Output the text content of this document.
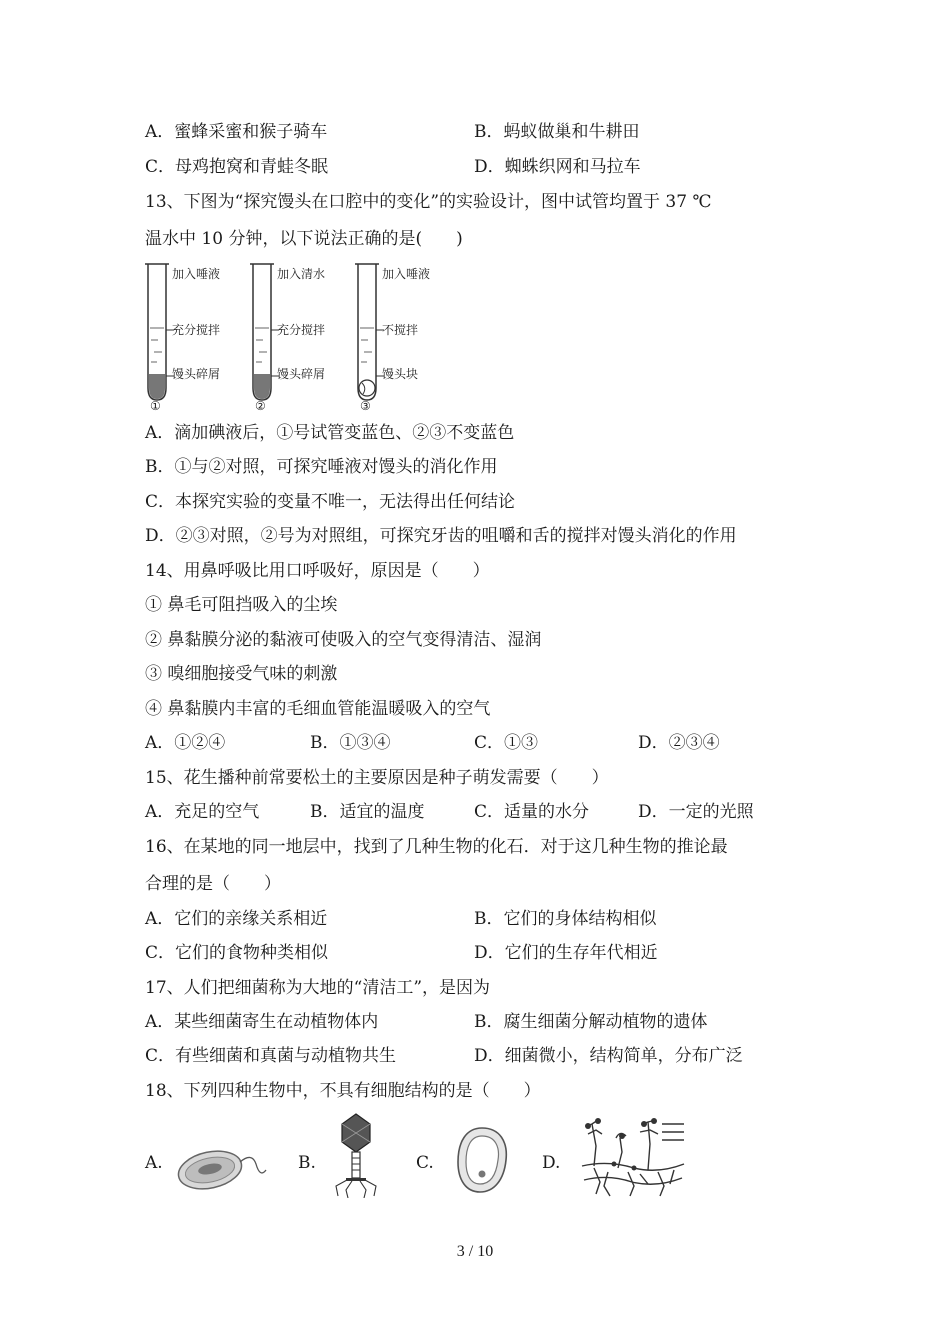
A．蜜蜂采蜜和猴子骑车	B．蚂蚁做巢和牛耕田
C．母鸡抱窝和青蛙冬眠	D．蜘蛛织网和马拉车
13、下图为“探究馒头在口腔中的变化”的实验设计，图中试管均置于 37 ℃
温水中 10 分钟，以下说法正确的是(　　)
加入唾液
充分搅拌
馒头碎屑
①
加入清水
充分搅拌
馒头碎屑
②
加入唾液
不搅拌
馒头块
③
A．滴加碘液后，①号试管变蓝色、②③不变蓝色
B．①与②对照，可探究唾液对馒头的消化作用
C．本探究实验的变量不唯一，无法得出任何结论
D．②③对照，②号为对照组，可探究牙齿的咀嚼和舌的搅拌对馒头消化的作用
14、用鼻呼吸比用口呼吸好，原因是（　　）
① 鼻毛可阻挡吸入的尘埃
② 鼻黏膜分泌的黏液可使吸入的空气变得清洁、湿润
③ 嗅细胞接受气味的刺激
④ 鼻黏膜内丰富的毛细血管能温暖吸入的空气
A．①②④	B．①③④	C．①③	D．②③④
15、花生播种前常要松土的主要原因是种子萌发需要（　　）
A．充足的空气	B．适宜的温度	C．适量的水分	D．一定的光照
16、在某地的同一地层中，找到了几种生物的化石．对于这几种生物的推论最
合理的是（　　）
A．它们的亲缘关系相近	B．它们的身体结构相似
C．它们的食物种类相似	D．它们的生存年代相近
17、人们把细菌称为大地的“清洁工”，是因为
A．某些细菌寄生在动植物体内	B．腐生细菌分解动植物的遗体
C．有些细菌和真菌与动植物共生	D．细菌微小，结构简单，分布广泛
18、下列四种生物中，不具有细胞结构的是（　　）
A.	B.	C.	D.
3 / 10
